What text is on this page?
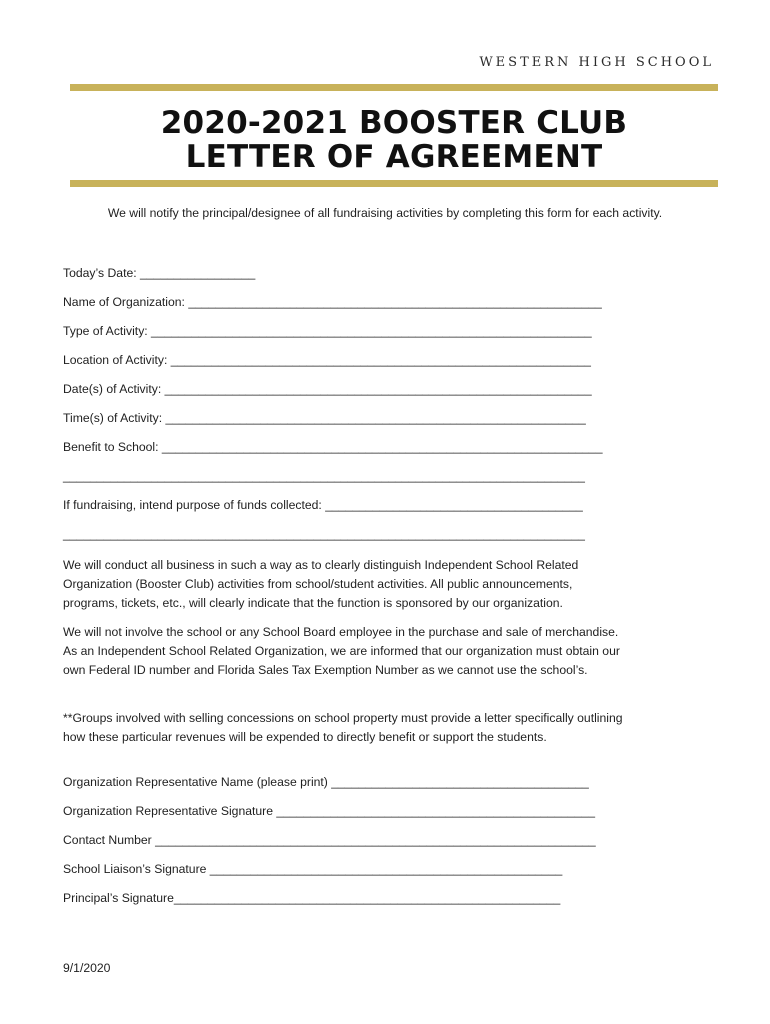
WESTERN HIGH SCHOOL
2020-2021 BOOSTER CLUB
LETTER OF AGREEMENT
We will notify the principal/designee of all fundraising activities by completing this form for each activity.
Today’s Date: _________________
Name of Organization: _____________________________________________________________
Type of Activity: _________________________________________________________________
Location of Activity: ______________________________________________________________
Date(s) of Activity: _______________________________________________________________
Time(s) of Activity: ______________________________________________________________
Benefit to School: _________________________________________________________________
_____________________________________________________________________________
If fundraising, intend purpose of funds collected: ______________________________________
_____________________________________________________________________________
We will conduct all business in such a way as to clearly distinguish Independent School Related Organization (Booster Club) activities from school/student activities. All public announcements, programs, tickets, etc., will clearly indicate that the function is sponsored by our organization.
We will not involve the school or any School Board employee in the purchase and sale of merchandise. As an Independent School Related Organization, we are informed that our organization must obtain our own Federal ID number and Florida Sales Tax Exemption Number as we cannot use the school’s.
**Groups involved with selling concessions on school property must provide a letter specifically outlining how these particular revenues will be expended to directly benefit or support the students.
Organization Representative Name (please print) ______________________________________
Organization Representative Signature _______________________________________________
Contact Number _________________________________________________________________
School Liaison’s Signature ____________________________________________________
Principal’s Signature_________________________________________________________
9/1/2020
